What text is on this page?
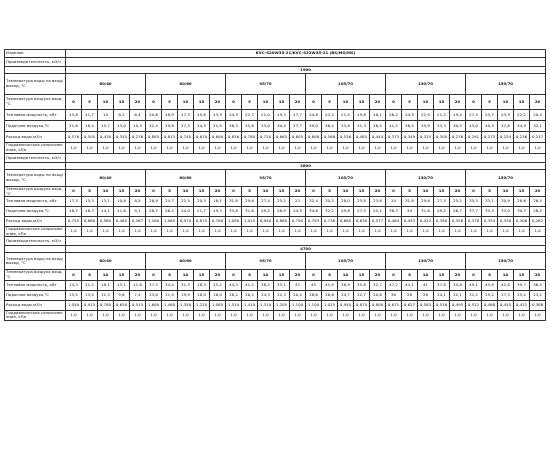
Изделие	KVC-S20W35-21/KVC-S22W35-21 (BS/MG/MS)																													
Производительность, м3/ч																														
	1900																													
Температура воды на вход/выход, °С	60/40					80/60					95/70					105/70					130/70					150/70				
Температура воздуха вход, °С	0	5	10	15	20	0	5	10	15	20	0	5	10	15	20	0	5	10	15	20	0	5	10	15	20	0	5	10	15	20
Тепловая мощность, кВт	13,8	11,7	10	8,2	6,4	20,6	18,9	17,3	15,6	13,9	24,3	22,7	21,0	19,3	17,7	24,8	23,2	21,5	19,8	18,1	26,2	24,5	22,9	21,2	19,4	27,4	25,7	23,9	22,2	20,4
Подогрев воздуха,°С	21,6	18,4	15,7	13,0	10,3	32,4	29,8	27,3	24,5	21,9	38,3	35,6	33,0	30,4	27,7	39,0	36,4	33,8	31,3	28,5	41,2	38,5	35,9	33,3	30,5	43,0	40,3	37,6	34,9	32,1
Расход воды,м3/ч	0,576	0,505	0,430	0,355	0,276	0,885	0,813	0,740	0,670	0,600	0,836	0,780	0,720	0,663	0,605	0,608	0,568	0,526	0,485	0,444	0,373	0,349	0,325	0,300	0,276	0,291	0,273	0,254	0,236	0,217
Гидравлическое сопротивление, кПа	1,0	1,0	1,0	1,0	1,0	1,0	1,0	1,0	1,0	1,0	1,0	1,0	1,0	1,0	1,0	1,0	1,0	1,0	1,0	1,0	1,0	1,0	1,0	1,0	1,0	1,0	1,0	1,0	1,0	1,0
Производительность, м3/ч																														
	2800																													
Температура воды на вход/выход, °С	60/40					80/60					95/70					105/70					130/70					150/70				
Температура воздуха вход, °С	0	5	10	15	20	0	5	10	15	20	0	5	10	15	20	0	5	10	15	20	0	5	10	15	20	0	5	10	15	20
Тепловая мощность, кВт	17,5	15,3	13,1	10,8	8,5	26,9	24,7	22,5	20,3	18,1	31,8	29,6	27,4	25,2	23	32,4	30,2	28,0	25,8	23,6	34	31,8	29,6	27,3	25,2	35,3	33,1	30,9	28,6	26,4
Подогрев воздуха,°С	18,7	16,3	14,1	11,6	9,1	28,7	26,4	24,0	21,7	19,3	33,8	31,6	29,2	26,9	24,5	34,6	32,2	29,8	27,5	25,1	36,3	34	31,6	29,2	26,7	37,7	35,3	33,0	30,7	28,2
Расход воды,м3/ч	0,755	0,660	0,565	0,465	0,367	1,160	1,065	0,970	0,875	0,780	1,090	1,015	0,940	0,865	0,790	0,793	0,738	0,685	0,630	0,577	0,484	0,453	0,422	0,390	0,358	0,378	0,354	0,330	0,306	0,282
Гидравлическое сопротивление, кПа	1,0	1,0	1,0	1,0	1,0	1,0	1,0	1,0	1,0	1,0	1,0	1,0	1,0	1,0	1,0	1,0	1,0	1,0	1,0	1,0	1,0	1,0	1,0	1,0	1,0	1,0	1,0	1,0	1,0	1,0
Производительность, м3/ч																														
	4700																													
Температура воды на вход/выход, °С	60/40					80/60					95/70					105/70					130/70					150/70				
Температура воздуха вход, °С	0	5	10	15	20	0	5	10	15	20	0	5	10	15	20	0	5	10	15	20	0	5	10	15	20	0	5	10	15	20
Тепловая мощность, кВт	24,3	21,2	18,1	15,1	11,6	37,5	34,4	31,3	28,3	25,2	44,3	41,2	38,2	35,1	32	45	41,9	38,9	35,8	32,7	47,2	44,1	41	37,8	34,8	49,1	45,9	42,8	39,7	36,5
Подогрев воздуха,°С	15,5	13,5	11,5	9,6	7,4	23,8	21,9	19,9	18,0	16,0	28,2	26,2	24,3	22,3	20,4	28,6	26,6	24,7	22,7	20,8	30	28	26	24,1	22,1	31,2	29,2	27,3	25,2	23,2
Расход воды,м3/ч	1,050	0,915	0,780	0,650	0,515	1,600	1,480	1,350	1,220	1,085	1,510	1,410	1,310	1,205	1,100	1,100	1,025	0,950	0,875	0,800	0,671	0,627	0,583	0,538	0,495	0,522	0,488	0,455	0,422	0,388
Гидравлическое сопротивление, кПа	1,0	1,0	1,0	1,0	1,0	1,0	1,0	1,0	1,0	1,0	1,0	1,0	1,0	1,0	1,0	1,0	1,0	1,0	1,0	1,0	1,0	1,0	1,0	1,0	1,0	1,0	1,0	1,0	1,0	1,0
